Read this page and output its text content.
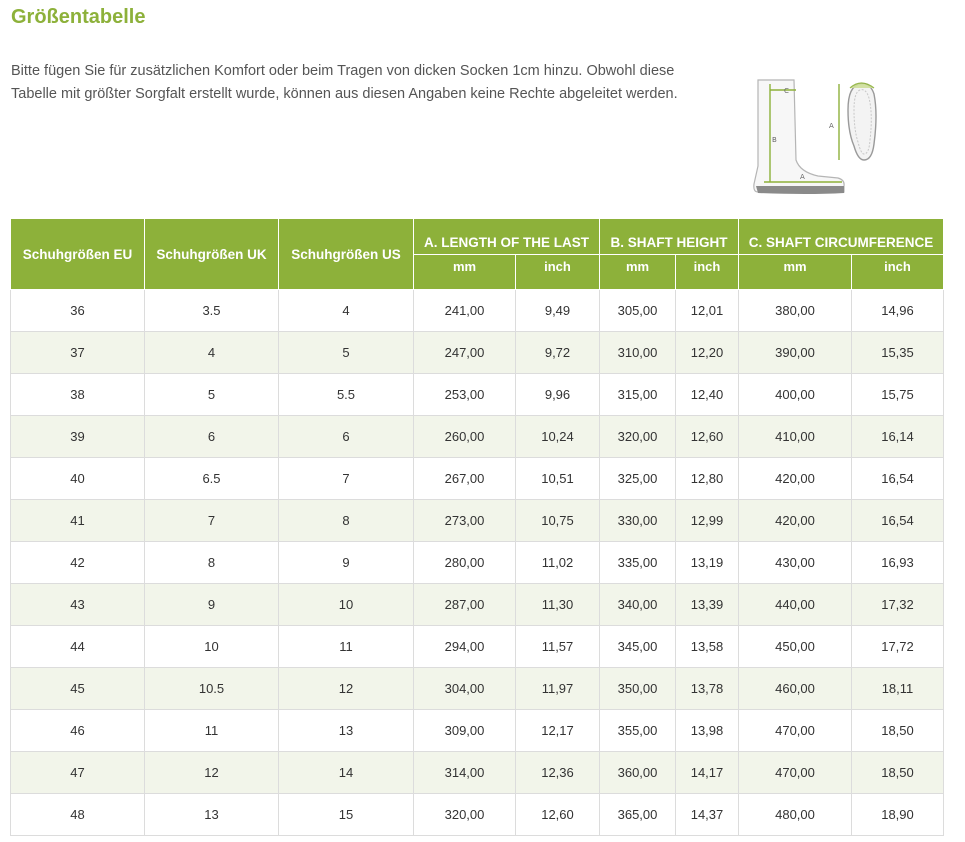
Größentabelle

Bitte fügen Sie für zusätzlichen Komfort oder beim Tragen von dicken Socken 1cm hinzu. Obwohl diese Tabelle mit größter Sorgfalt erstellt wurde, können aus diesen Angaben keine Rechte abgeleitet werden.	C
B
A
A
Schuhgrößen EU	Schuhgrößen UK	Schuhgrößen US	A. LENGTH OF THE LAST		B. SHAFT HEIGHT		C. SHAFT CIRCUMFERENCE	
			mm	inch	mm	inch	mm	inch
36	3.5	4	241,00	9,49	305,00	12,01	380,00	14,96
37	4	5	247,00	9,72	310,00	12,20	390,00	15,35
38	5	5.5	253,00	9,96	315,00	12,40	400,00	15,75
39	6	6	260,00	10,24	320,00	12,60	410,00	16,14
40	6.5	7	267,00	10,51	325,00	12,80	420,00	16,54
41	7	8	273,00	10,75	330,00	12,99	420,00	16,54
42	8	9	280,00	11,02	335,00	13,19	430,00	16,93
43	9	10	287,00	11,30	340,00	13,39	440,00	17,32
44	10	11	294,00	11,57	345,00	13,58	450,00	17,72
45	10.5	12	304,00	11,97	350,00	13,78	460,00	18,11
46	11	13	309,00	12,17	355,00	13,98	470,00	18,50
47	12	14	314,00	12,36	360,00	14,17	470,00	18,50
48	13	15	320,00	12,60	365,00	14,37	480,00	18,90
